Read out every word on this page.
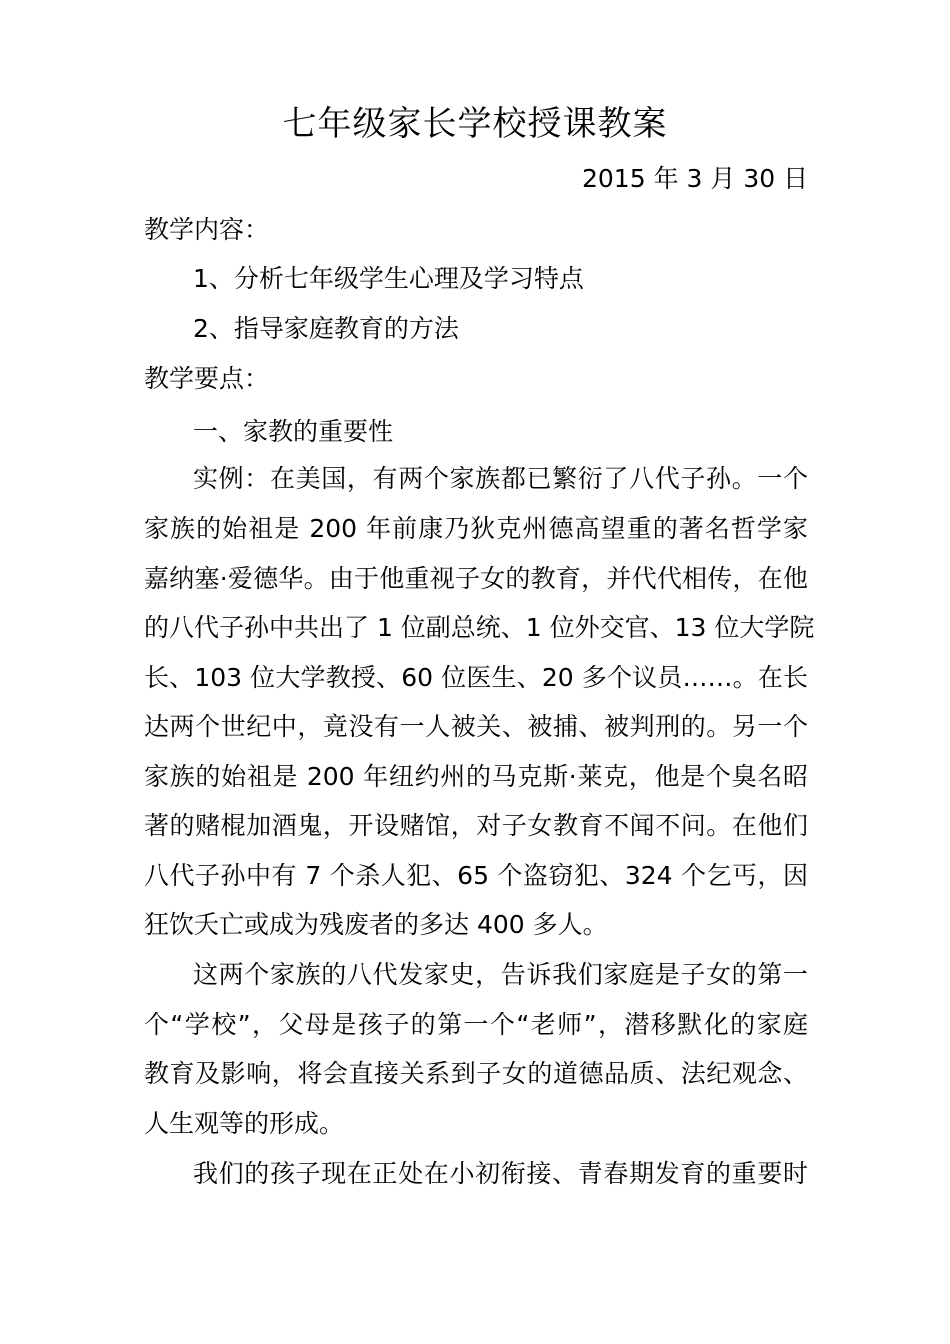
七年级家长学校授课教案
2015 年 3 月 30 日
教学内容：
1、分析七年级学生心理及学习特点
2、指导家庭教育的方法
教学要点：
一、家教的重要性
实例：在美国，有两个家族都已繁衍了八代子孙。一个
家族的始祖是 200 年前康乃狄克州德高望重的著名哲学家
嘉纳塞·爱德华。由于他重视子女的教育，并代代相传，在他
的八代子孙中共出了 1 位副总统、1 位外交官、13 位大学院
长、103 位大学教授、60 位医生、20 多个议员……。在长
达两个世纪中，竟没有一人被关、被捕、被判刑的。另一个
家族的始祖是 200 年纽约州的马克斯·莱克，他是个臭名昭
著的赌棍加酒鬼，开设赌馆，对子女教育不闻不问。在他们
八代子孙中有 7 个杀人犯、65 个盗窃犯、324 个乞丐，因
狂饮夭亡或成为残废者的多达 400 多人。
这两个家族的八代发家史，告诉我们家庭是子女的第一
个“学校”，父母是孩子的第一个“老师”，潜移默化的家庭
教育及影响，将会直接关系到子女的道德品质、法纪观念、
人生观等的形成。
我们的孩子现在正处在小初衔接、青春期发育的重要时
